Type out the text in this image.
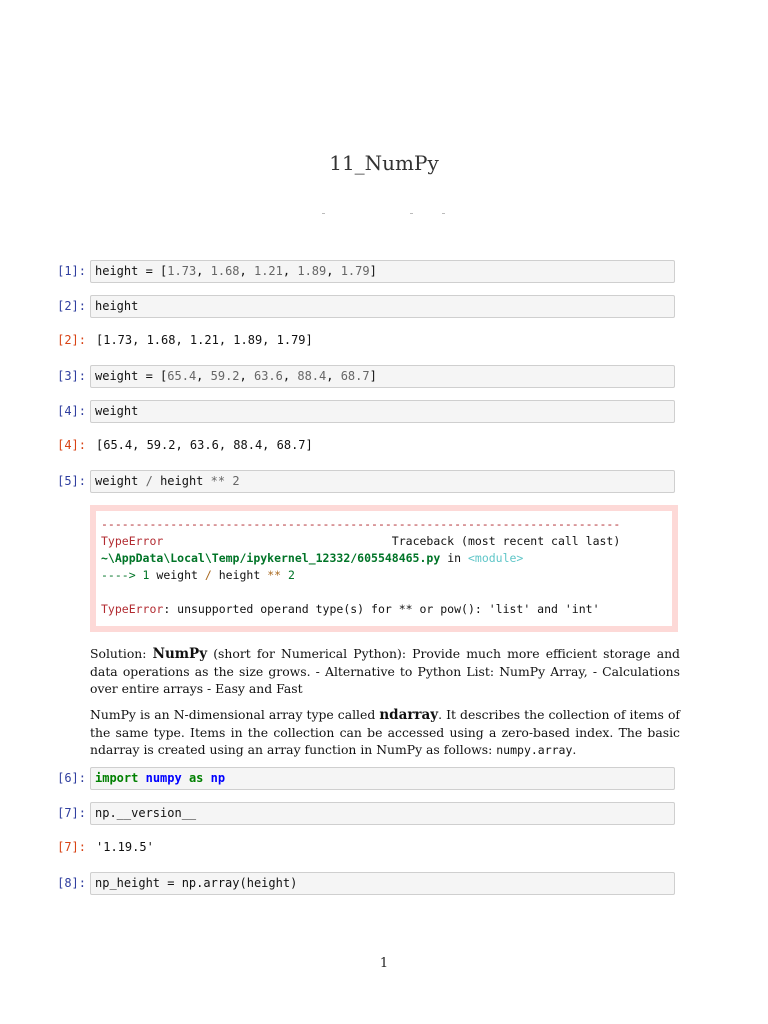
11_NumPy
[1]: height = [1.73, 1.68, 1.21, 1.89, 1.79]
[2]: height
[2]: [1.73, 1.68, 1.21, 1.89, 1.79]
[3]: weight = [65.4, 59.2, 63.6, 88.4, 68.7]
[4]: weight
[4]: [65.4, 59.2, 63.6, 88.4, 68.7]
[5]: weight / height ** 2
---------------------------------------------------------------------------
TypeError	Traceback (most recent call last)
~\AppData\Local\Temp/ipykernel_12332/605548465.py in <module>
----> 1 weight / height ** 2

TypeError: unsupported operand type(s) for ** or pow(): 'list' and 'int'
Solution: NumPy (short for Numerical Python): Provide much more efficient storage and data operations as the size grows. - Alternative to Python List: NumPy Array, - Calculations over entire arrays - Easy and Fast
NumPy is an N-dimensional array type called ndarray. It describes the collection of items of the same type. Items in the collection can be accessed using a zero-based index. The basic ndarray is created using an array function in NumPy as follows: numpy.array.
[6]: import numpy as np
[7]: np.__version__
[7]: '1.19.5'
[8]: np_height = np.array(height)
1
